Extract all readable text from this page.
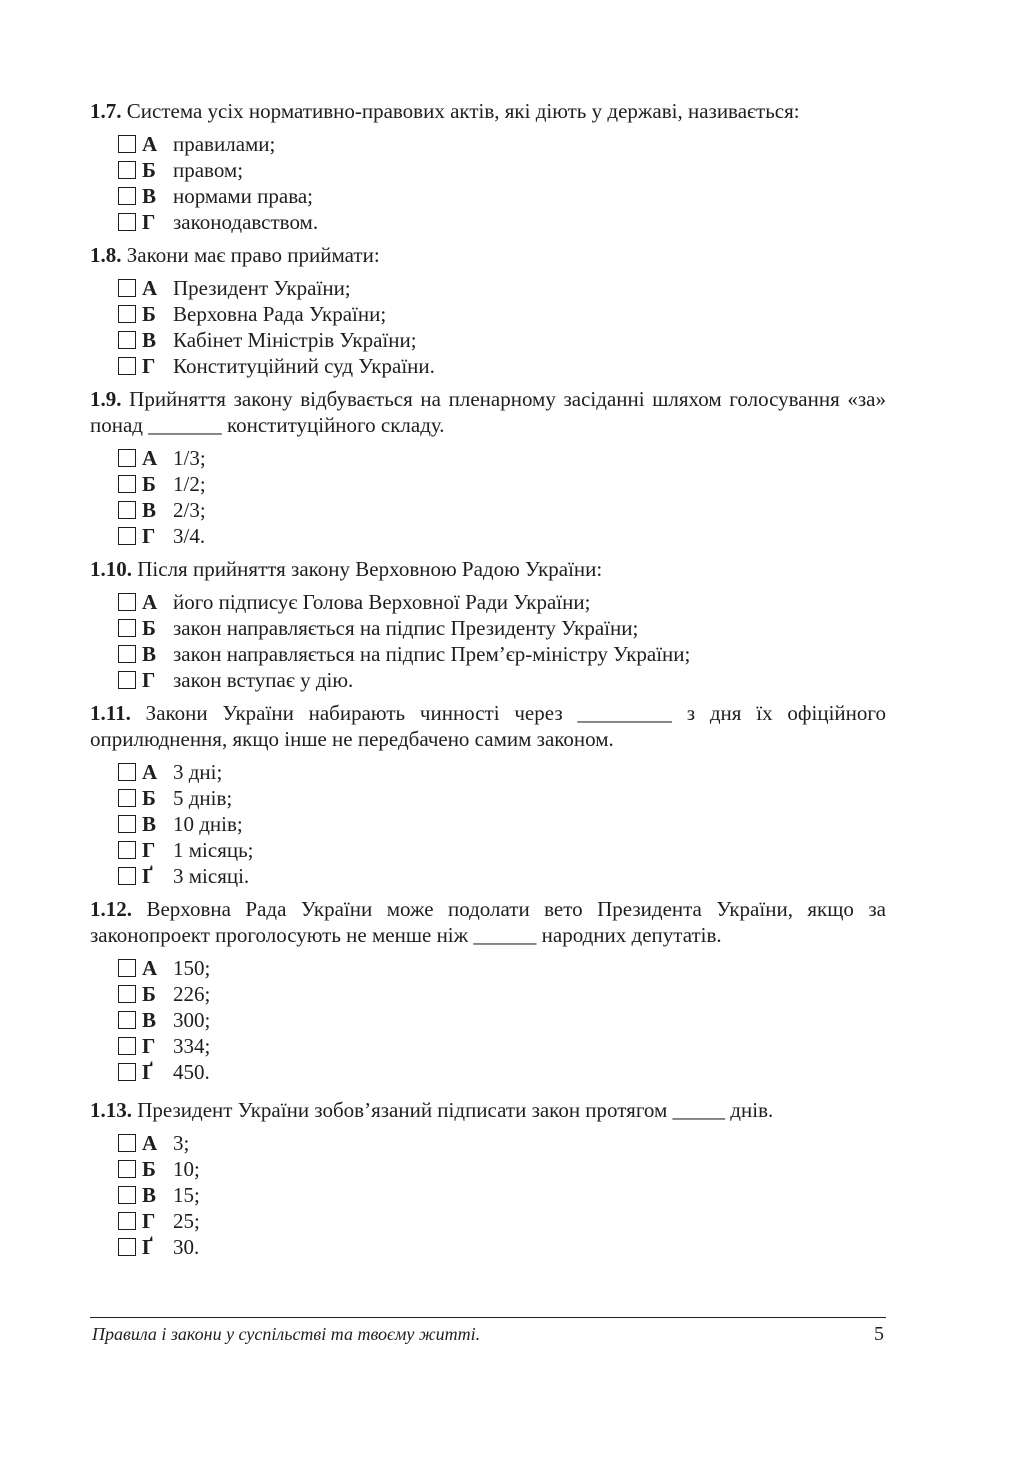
1.7. Система усіх нормативно-правових актів, які діють у державі, називається:

А правилами;
Б правом;
В нормами права;
Г законодавством.

1.8. Закони має право приймати:

А Президент України;
Б Верховна Рада України;
В Кабінет Міністрів України;
Г Конституційний суд України.

1.9. Прийняття закону відбувається на пленарному засіданні шляхом голосування «за» понад _______ конституційного складу.

А 1/3;
Б 1/2;
В 2/3;
Г 3/4.

1.10. Після прийняття закону Верховною Радою України:

А його підписує Голова Верховної Ради України;
Б закон направляється на підпис Президенту України;
В закон направляється на підпис Прем’єр-міністру України;
Г закон вступає у дію.

1.11. Закони України набирають чинності через _________ з дня їх офіційного оприлюднення, якщо інше не передбачено самим законом.

А 3 дні;
Б 5 днів;
В 10 днів;
Г 1 місяць;
Ґ 3 місяці.

1.12. Верховна Рада України може подолати вето Президента України, якщо за законопроект проголосують не менше ніж ______ народних депутатів.

А 150;
Б 226;
В 300;
Г 334;
Ґ 450.

1.13. Президент України зобов’язаний підписати закон протягом _____ днів.

А 3;
Б 10;
В 15;
Г 25;
Ґ 30.
Правила і закони у суспільстві та твоєму житті.	5
